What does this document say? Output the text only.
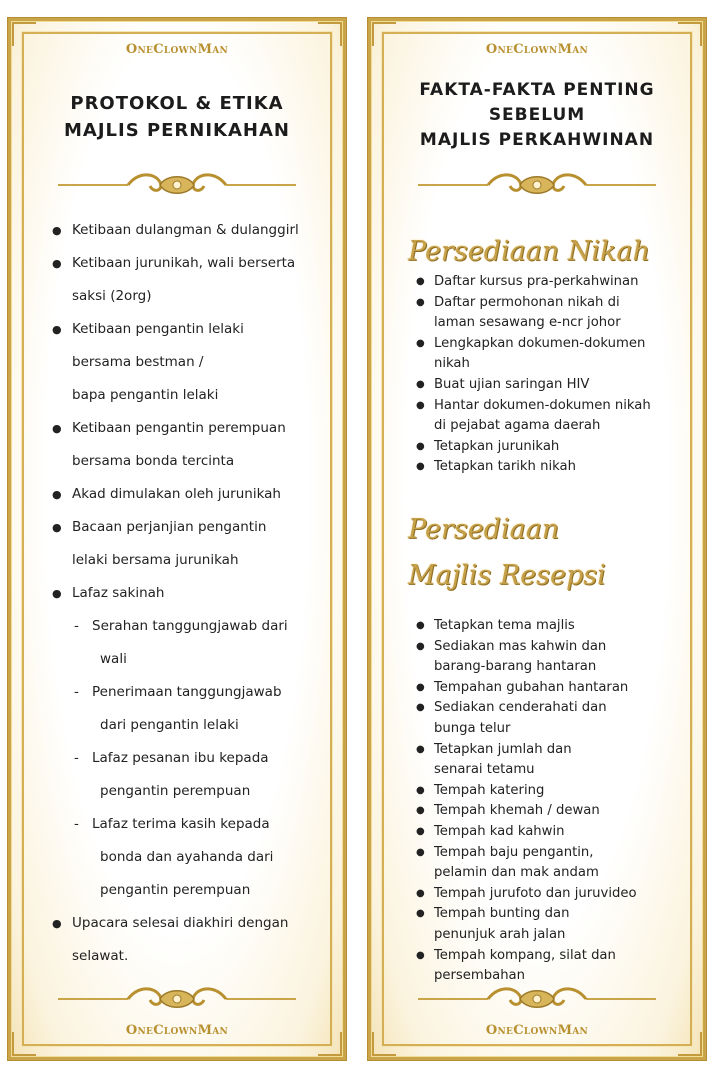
OneClownMan
PROTOKOL & ETIKA
MAJLIS PERNIKAHAN
● Ketibaan dulangman & dulanggirl
● Ketibaan jurunikah, wali berserta
saksi (2org)
● Ketibaan pengantin lelaki
bersama bestman /
bapa pengantin lelaki
● Ketibaan pengantin perempuan
bersama bonda tercinta
● Akad dimulakan oleh jurunikah
● Bacaan perjanjian pengantin
lelaki bersama jurunikah
● Lafaz sakinah
- Serahan tanggungjawab dari
wali
- Penerimaan tanggungjawab
dari pengantin lelaki
- Lafaz pesanan ibu kepada
pengantin perempuan
- Lafaz terima kasih kepada
bonda dan ayahanda dari
pengantin perempuan
● Upacara selesai diakhiri dengan
selawat.
OneClownMan
OneClownMan
FAKTA-FAKTA PENTING
SEBELUM
MAJLIS PERKAHWINAN
Persediaan Nikah
● Daftar kursus pra-perkahwinan
● Daftar permohonan nikah di
laman sesawang e-ncr johor
● Lengkapkan dokumen-dokumen
nikah
● Buat ujian saringan HIV
● Hantar dokumen-dokumen nikah
di pejabat agama daerah
● Tetapkan jurunikah
● Tetapkan tarikh nikah
Persediaan
Majlis Resepsi
● Tetapkan tema majlis
● Sediakan mas kahwin dan
barang-barang hantaran
● Tempahan gubahan hantaran
● Sediakan cenderahati dan
bunga telur
● Tetapkan jumlah dan
senarai tetamu
● Tempah katering
● Tempah khemah / dewan
● Tempah kad kahwin
● Tempah baju pengantin,
pelamin dan mak andam
● Tempah jurufoto dan juruvideo
● Tempah bunting dan
penunjuk arah jalan
● Tempah kompang, silat dan
persembahan
OneClownMan
